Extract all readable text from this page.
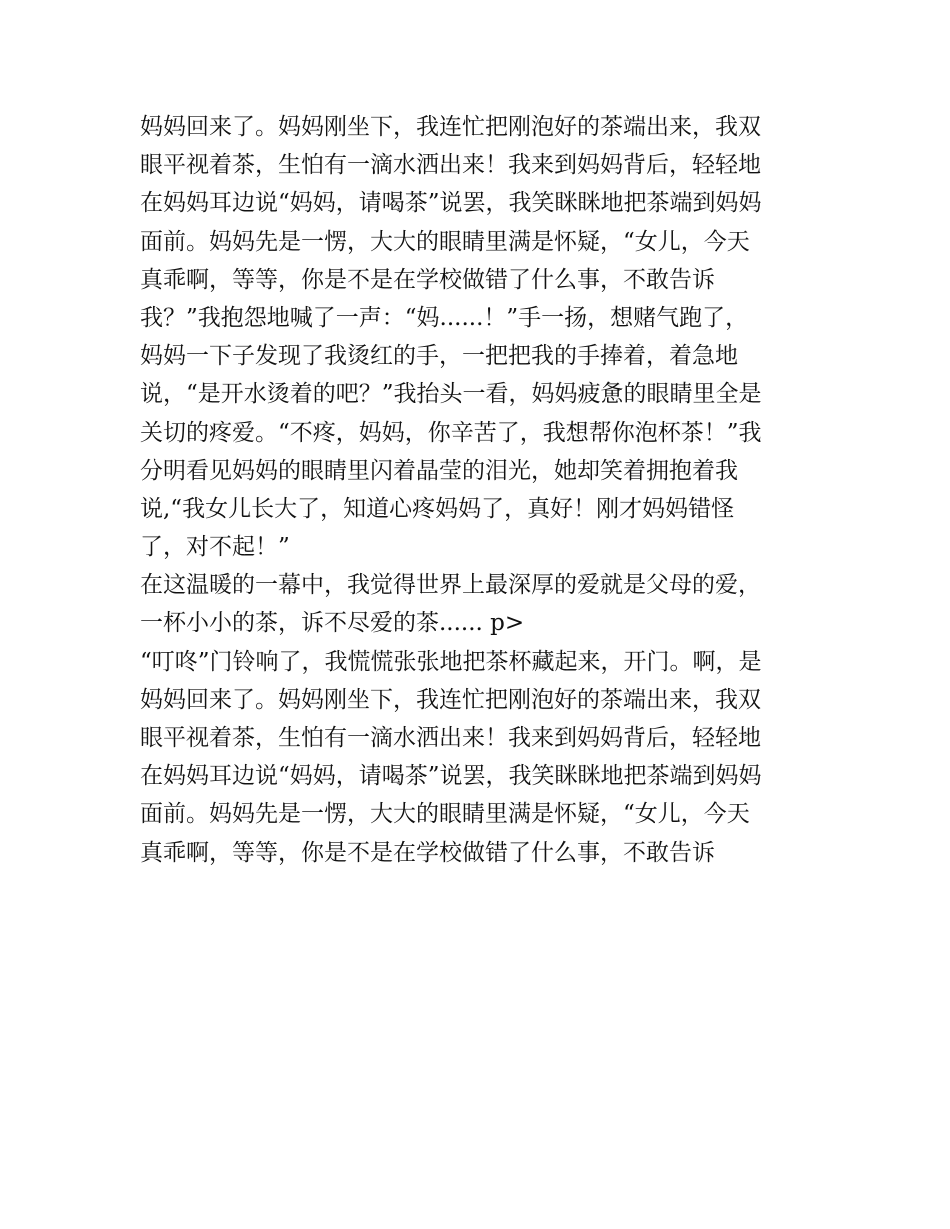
妈妈回来了。妈妈刚坐下，我连忙把刚泡好的茶端出来，我双
眼平视着茶，生怕有一滴水洒出来！我来到妈妈背后，轻轻地
在妈妈耳边说“妈妈，请喝茶”说罢，我笑眯眯地把茶端到妈妈
面前。妈妈先是一愣，大大的眼睛里满是怀疑，“女儿，今天
真乖啊，等等，你是不是在学校做错了什么事，不敢告诉
我？”我抱怨地喊了一声：“妈......！”手一扬，想赌气跑了，
妈妈一下子发现了我烫红的手，一把把我的手捧着，着急地
说，“是开水烫着的吧？”我抬头一看，妈妈疲惫的眼睛里全是
关切的疼爱。“不疼，妈妈，你辛苦了，我想帮你泡杯茶！”我
分明看见妈妈的眼睛里闪着晶莹的泪光，她却笑着拥抱着我
说,“我女儿长大了，知道心疼妈妈了，真好！刚才妈妈错怪
了，对不起！”
在这温暖的一幕中，我觉得世界上最深厚的爱就是父母的爱，
一杯小小的茶，诉不尽爱的茶...... p>
“叮咚”门铃响了，我慌慌张张地把茶杯藏起来，开门。啊，是
妈妈回来了。妈妈刚坐下，我连忙把刚泡好的茶端出来，我双
眼平视着茶，生怕有一滴水洒出来！我来到妈妈背后，轻轻地
在妈妈耳边说“妈妈，请喝茶”说罢，我笑眯眯地把茶端到妈妈
面前。妈妈先是一愣，大大的眼睛里满是怀疑，“女儿，今天
真乖啊，等等，你是不是在学校做错了什么事，不敢告诉
